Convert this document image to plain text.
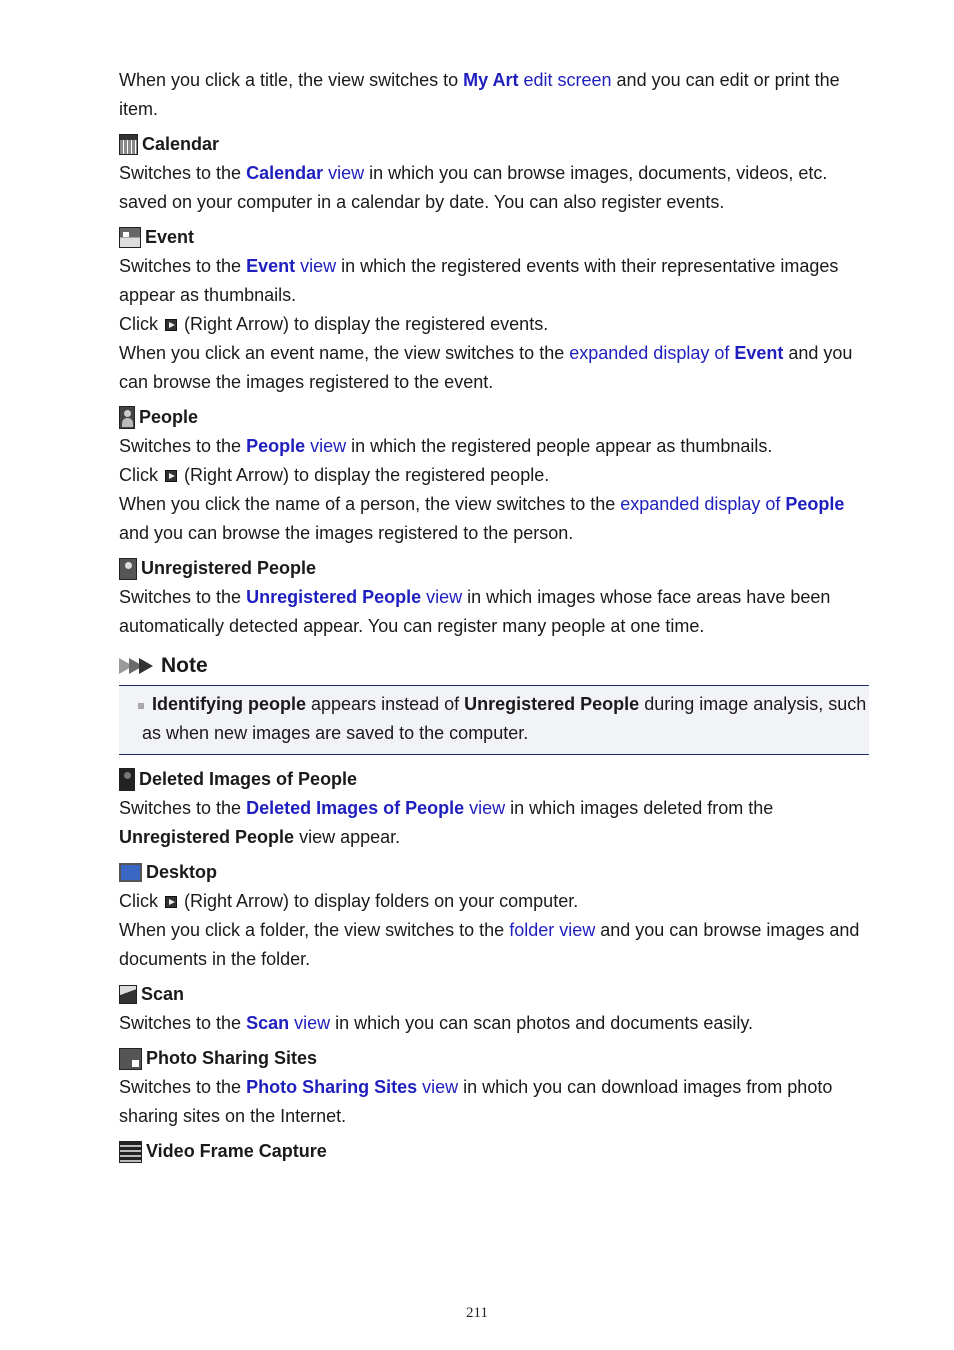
When you click a title, the view switches to My Art edit screen and you can edit or print the item.

Calendar

Switches to the Calendar view in which you can browse images, documents, videos, etc. saved on your computer in a calendar by date. You can also register events.

Event

Switches to the Event view in which the registered events with their representative images appear as thumbnails.

Click (Right Arrow) to display the registered events.

When you click an event name, the view switches to the expanded display of Event and you can browse the images registered to the event.

People

Switches to the People view in which the registered people appear as thumbnails.

Click (Right Arrow) to display the registered people.

When you click the name of a person, the view switches to the expanded display of People and you can browse the images registered to the person.

Unregistered People

Switches to the Unregistered People view in which images whose face areas have been automatically detected appear. You can register many people at one time.

Note

Identifying people appears instead of Unregistered People during image analysis, such as when new images are saved to the computer.

Deleted Images of People

Switches to the Deleted Images of People view in which images deleted from the Unregistered People view appear.

Desktop

Click (Right Arrow) to display folders on your computer.

When you click a folder, the view switches to the folder view and you can browse images and documents in the folder.

Scan

Switches to the Scan view in which you can scan photos and documents easily.

Photo Sharing Sites

Switches to the Photo Sharing Sites view in which you can download images from photo sharing sites on the Internet.

Video Frame Capture
211
